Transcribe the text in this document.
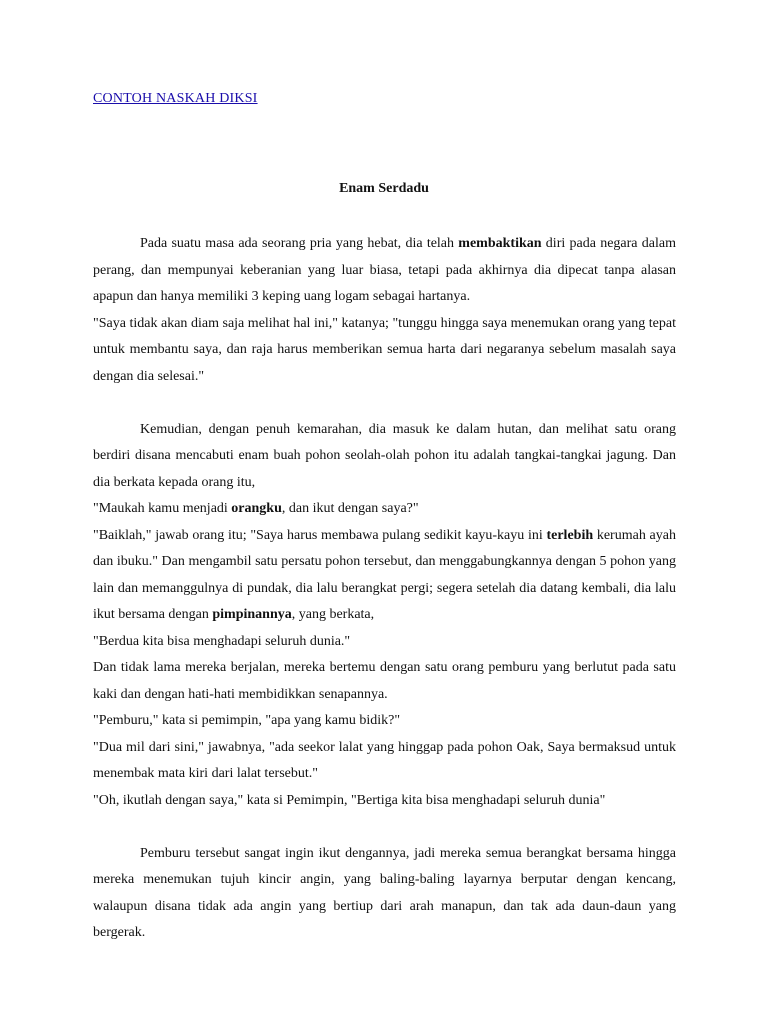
CONTOH NASKAH DIKSI
Enam Serdadu

Pada suatu masa ada seorang pria yang hebat, dia telah membaktikan diri pada negara dalam perang, dan mempunyai keberanian yang luar biasa, tetapi pada akhirnya dia dipecat tanpa alasan apapun dan hanya memiliki 3 keping uang logam sebagai hartanya.

"Saya tidak akan diam saja melihat hal ini," katanya; "tunggu hingga saya menemukan orang yang tepat untuk membantu saya, dan raja harus memberikan semua harta dari negaranya sebelum masalah saya dengan dia selesai."

Kemudian, dengan penuh kemarahan, dia masuk ke dalam hutan, dan melihat satu orang berdiri disana mencabuti enam buah pohon seolah-olah pohon itu adalah tangkai-tangkai jagung. Dan dia berkata kepada orang itu,

"Maukah kamu menjadi orangku, dan ikut dengan saya?"

"Baiklah," jawab orang itu; "Saya harus membawa pulang sedikit kayu-kayu ini terlebih kerumah ayah dan ibuku." Dan mengambil satu persatu pohon tersebut, dan menggabungkannya dengan 5 pohon yang lain dan memanggulnya di pundak, dia lalu berangkat pergi; segera setelah dia datang kembali, dia lalu ikut bersama dengan pimpinannya, yang berkata,

"Berdua kita bisa menghadapi seluruh dunia."

Dan tidak lama mereka berjalan, mereka bertemu dengan satu orang pemburu yang berlutut pada satu kaki dan dengan hati-hati membidikkan senapannya.

"Pemburu," kata si pemimpin, "apa yang kamu bidik?"

"Dua mil dari sini," jawabnya, "ada seekor lalat yang hinggap pada pohon Oak, Saya bermaksud untuk menembak mata kiri dari lalat tersebut."

"Oh, ikutlah dengan saya," kata si Pemimpin, "Bertiga kita bisa menghadapi seluruh dunia"

Pemburu tersebut sangat ingin ikut dengannya, jadi mereka semua berangkat bersama hingga mereka menemukan tujuh kincir angin, yang baling-baling layarnya berputar dengan kencang, walaupun disana tidak ada angin yang bertiup dari arah manapun, dan tak ada daun-daun yang bergerak.
